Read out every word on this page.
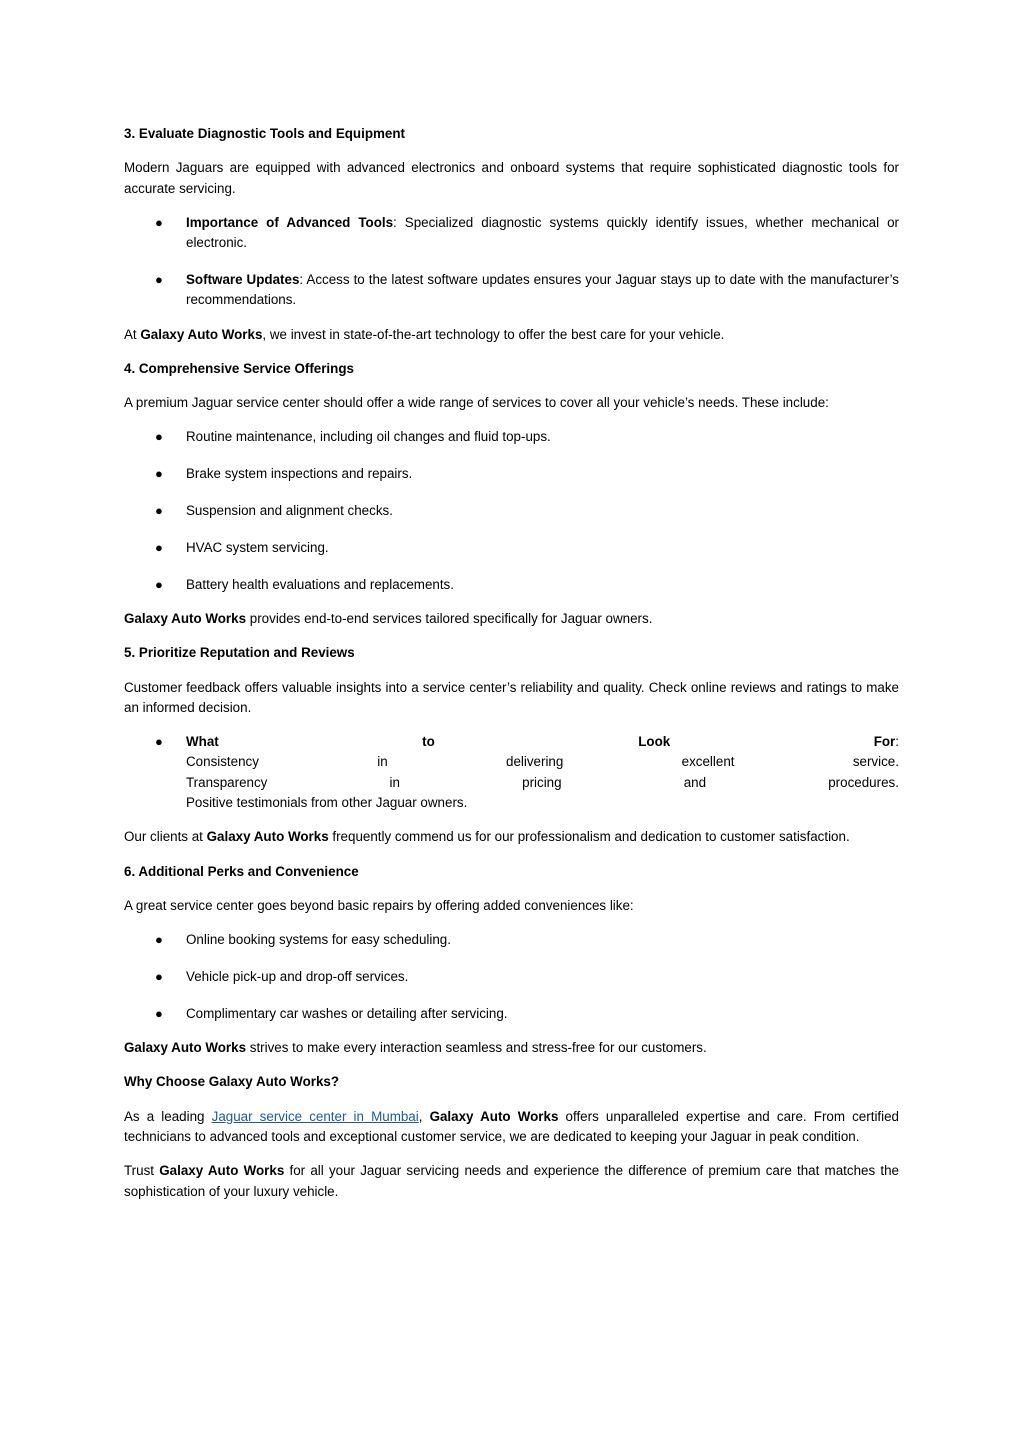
3. Evaluate Diagnostic Tools and Equipment

Modern Jaguars are equipped with advanced electronics and onboard systems that require sophisticated diagnostic tools for accurate servicing.

● Importance of Advanced Tools: Specialized diagnostic systems quickly identify issues, whether mechanical or electronic.
● Software Updates: Access to the latest software updates ensures your Jaguar stays up to date with the manufacturer’s recommendations.

At Galaxy Auto Works, we invest in state-of-the-art technology to offer the best care for your vehicle.

4. Comprehensive Service Offerings

A premium Jaguar service center should offer a wide range of services to cover all your vehicle’s needs. These include:

● Routine maintenance, including oil changes and fluid top-ups.
● Brake system inspections and repairs.
● Suspension and alignment checks.
● HVAC system servicing.
● Battery health evaluations and replacements.

Galaxy Auto Works provides end-to-end services tailored specifically for Jaguar owners.

5. Prioritize Reputation and Reviews

Customer feedback offers valuable insights into a service center’s reliability and quality. Check online reviews and ratings to make an informed decision.

● What	to	Look	For:
Consistency	in	delivering	excellent	service.
Transparency	in	pricing	and	procedures.
Positive testimonials from other Jaguar owners.

Our clients at Galaxy Auto Works frequently commend us for our professionalism and dedication to customer satisfaction.

6. Additional Perks and Convenience

A great service center goes beyond basic repairs by offering added conveniences like:

● Online booking systems for easy scheduling.
● Vehicle pick-up and drop-off services.
● Complimentary car washes or detailing after servicing.

Galaxy Auto Works strives to make every interaction seamless and stress-free for our customers.

Why Choose Galaxy Auto Works?

As a leading Jaguar service center in Mumbai, Galaxy Auto Works offers unparalleled expertise and care. From certified technicians to advanced tools and exceptional customer service, we are dedicated to keeping your Jaguar in peak condition.

Trust Galaxy Auto Works for all your Jaguar servicing needs and experience the difference of premium care that matches the sophistication of your luxury vehicle.
